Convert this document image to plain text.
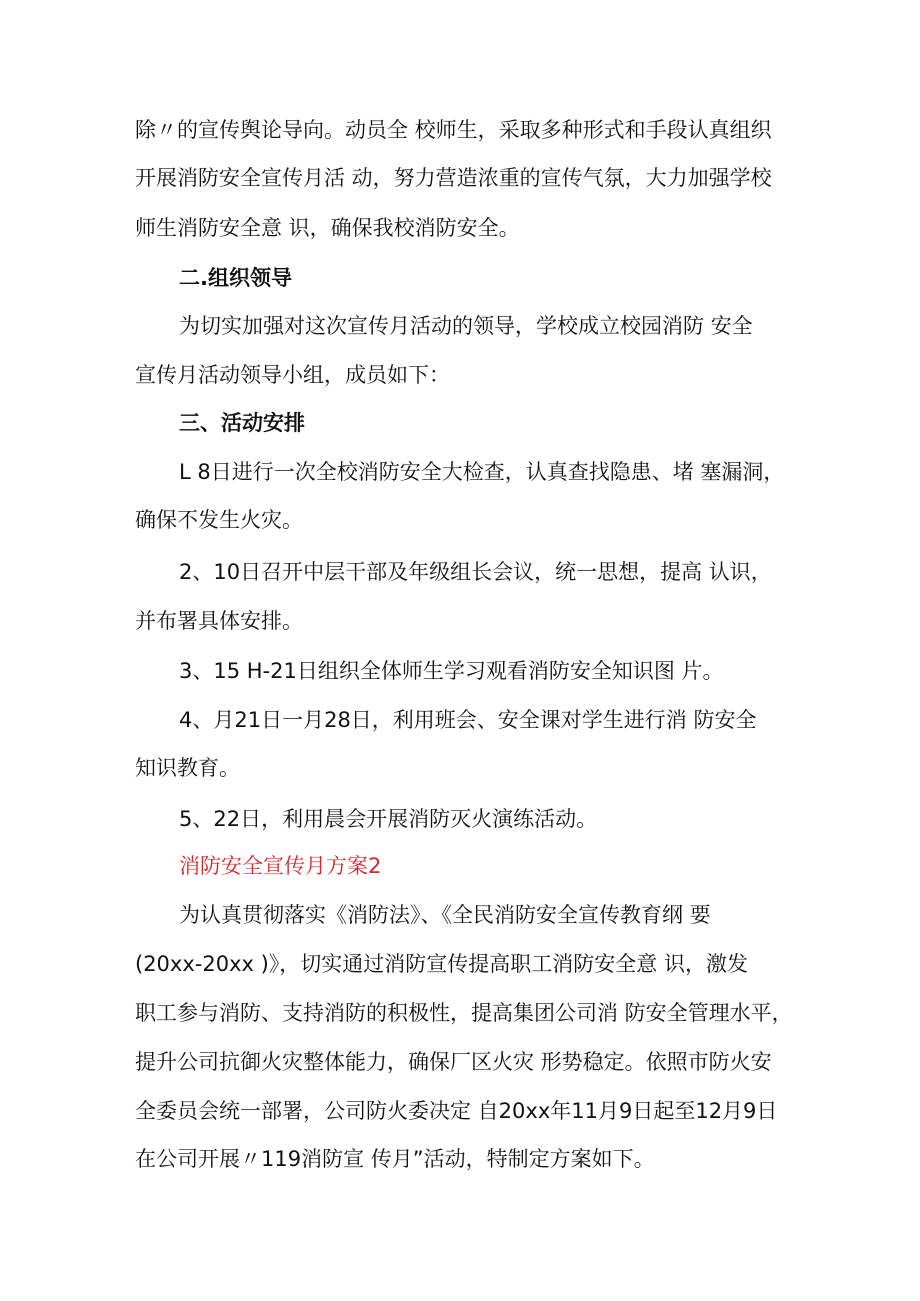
除〃的宣传舆论导向。动员全 校师生，采取多种形式和手段认真组织
开展消防安全宣传月活 动，努力营造浓重的宣传气氛，大力加强学校
师生消防安全意 识，确保我校消防安全。
二.组织领导
为切实加强对这次宣传月活动的领导，学校成立校园消防 安全
宣传月活动领导小组，成员如下：
三、活动安排
L 8日进行一次全校消防安全大检查，认真查找隐患、堵 塞漏洞，
确保不发生火灾。
2、10日召开中层干部及年级组长会议，统一思想，提高 认识，
并布署具体安排。
3、15 H-21日组织全体师生学习观看消防安全知识图 片。
4、月21日一月28日，利用班会、安全课对学生进行消 防安全
知识教育。
5、22日，利用晨会开展消防灭火演练活动。
消防安全宣传月方案2
为认真贯彻落实《消防法》、《全民消防安全宣传教育纲 要
(20xx-20xx )》，切实通过消防宣传提高职工消防安全意 识，激发
职工参与消防、支持消防的积极性，提高集团公司消 防安全管理水平，
提升公司抗御火灾整体能力，确保厂区火灾 形势稳定。依照市防火安
全委员会统一部署，公司防火委决定 自20xx年11月9日起至12月9日
在公司开展〃119消防宣 传月”活动，特制定方案如下。
